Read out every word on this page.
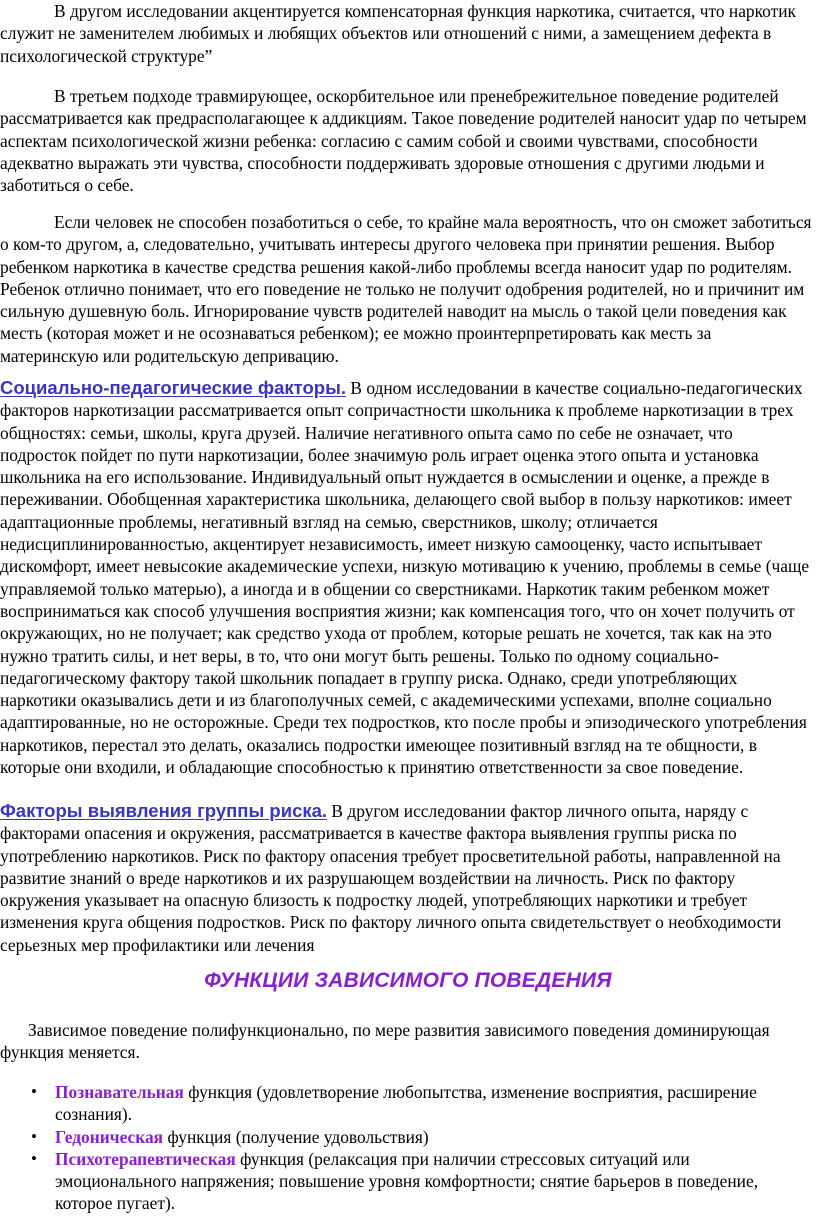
В другом исследовании акцентируется компенсаторная функция наркотика, считается, что наркотик служит не заменителем любимых и любящих объектов или отношений с ними, а замещением дефекта в психологической структуре”

В третьем подходе травмирующее, оскорбительное или пренебрежительное поведение родителей рассматривается как предрасполагающее к аддикциям. Такое поведение родителей наносит удар по четырем аспектам психологической жизни ребенка: согласию с самим собой и своими чувствами, способности адекватно выражать эти чувства, способности поддерживать здоровые отношения с другими людьми и заботиться о себе.

Если человек не способен позаботиться о себе, то крайне мала вероятность, что он сможет заботиться о ком-то другом, а, следовательно, учитывать интересы другого человека при принятии решения. Выбор ребенком наркотика в качестве средства решения какой-либо проблемы всегда наносит удар по родителям. Ребенок отлично понимает, что его поведение не только не получит одобрения родителей, но и причинит им сильную душевную боль. Игнорирование чувств родителей наводит на мысль о такой цели поведения как месть (которая может и не осознаваться ребенком); ее можно проинтерпретировать как месть за материнскую или родительскую депривацию.

Социально-педагогические факторы. В одном исследовании в качестве социально-педагогических факторов наркотизации рассматривается опыт сопричастности школьника к проблеме наркотизации в трех общностях: семьи, школы, круга друзей. Наличие негативного опыта само по себе не означает, что подросток пойдет по пути наркотизации, более значимую роль играет оценка этого опыта и установка школьника на его использование. Индивидуальный опыт нуждается в осмыслении и оценке, а прежде в переживании. Обобщенная характеристика школьника, делающего свой выбор в пользу наркотиков: имеет адаптационные проблемы, негативный взгляд на семью, сверстников, школу; отличается недисциплинированностью, акцентирует независимость, имеет низкую самооценку, часто испытывает дискомфорт, имеет невысокие академические успехи, низкую мотивацию к учению, проблемы в семье (чаще управляемой только матерью), а иногда и в общении со сверстниками. Наркотик таким ребенком может восприниматься как способ улучшения восприятия жизни; как компенсация того, что он хочет получить от окружающих, но не получает; как средство ухода от проблем, которые решать не хочется, так как на это нужно тратить силы, и нет веры, в то, что они могут быть решены. Только по одному социально-педагогическому фактору такой школьник попадает в группу риска. Однако, среди употребляющих наркотики оказывались дети и из благополучных семей, с академическими успехами, вполне социально адаптированные, но не осторожные. Среди тех подростков, кто после пробы и эпизодического употребления наркотиков, перестал это делать, оказались подростки имеющее позитивный взгляд на те общности, в которые они входили, и обладающие способностью к принятию ответственности за свое поведение.

Факторы выявления группы риска. В другом исследовании фактор личного опыта, наряду с факторами опасения и окружения, рассматривается в качестве фактора выявления группы риска по употреблению наркотиков. Риск по фактору опасения требует просветительной работы, направленной на развитие знаний о вреде наркотиков и их разрушающем воздействии на личность. Риск по фактору окружения указывает на опасную близость к подростку людей, употребляющих наркотики и требует изменения круга общения подростков. Риск по фактору личного опыта свидетельствует о необходимости серьезных мер профилактики или лечения

ФУНКЦИИ ЗАВИСИМОГО ПОВЕДЕНИЯ

Зависимое поведение полифункционально, по мере развития зависимого поведения доминирующая функция меняется.

• Познавательная функция (удовлетворение любопытства, изменение восприятия, расширение сознания).
• Гедоническая функция (получение удовольствия)
• Психотерапевтическая функция (релаксация при наличии стрессовых ситуаций или эмоционального напряжения; повышение уровня комфортности; снятие барьеров в поведение, которое пугает).
